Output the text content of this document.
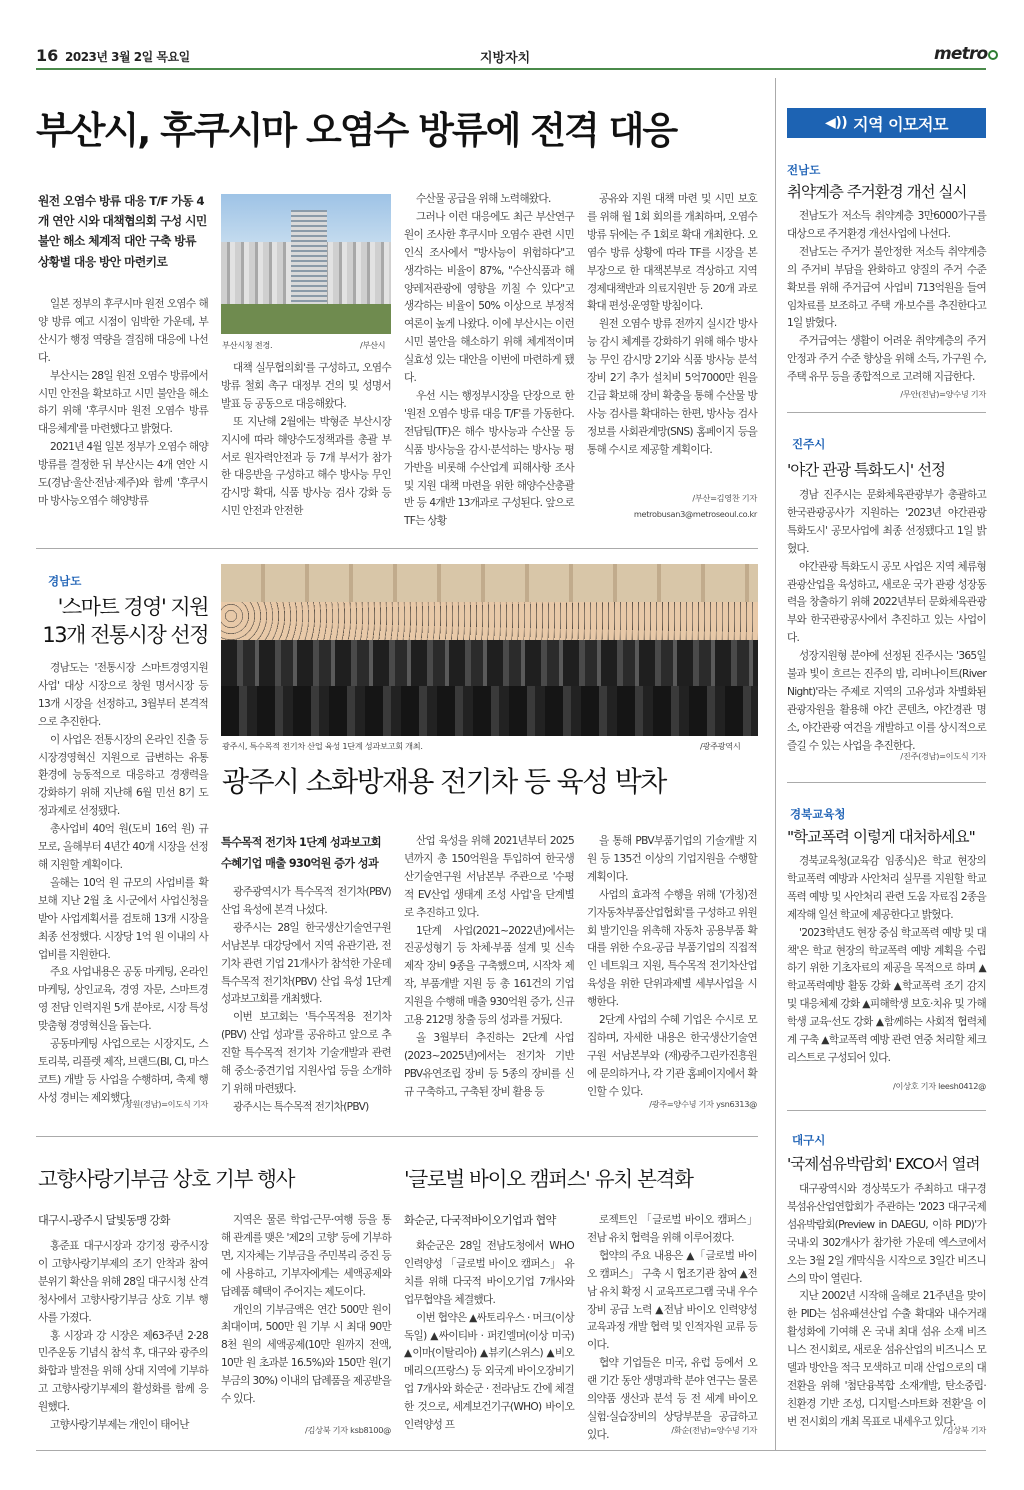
16 2023년 3월 2일 목요일	지방자치	metro
부산시, 후쿠시마 오염수 방류에 전격 대응
원전 오염수 방류 대응 T/F 가동 4개 연안 시와 대책협의회 구성 시민 불안 해소 체계적 대안 구축 방류 상황별 대응 방안 마련키로

일본 정부의 후쿠시마 원전 오염수 해양 방류 예고 시점이 임박한 가운데, 부산시가 행정 역량을 결집해 대응에 나선다.

부산시는 28일 원전 오염수 방류에서 시민 안전을 확보하고 시민 불안을 해소하기 위해 '후쿠시마 원전 오염수 방류 대응체계'를 마련했다고 밝혔다.

2021년 4월 일본 정부가 오염수 해양 방류를 결정한 뒤 부산시는 4개 연안 시도(경남·울산·전남·제주)와 함께 '후쿠시마 방사능오염수 해양방류

부산시청 전경.	/부산시

대책 실무협의회'를 구성하고, 오염수 방류 철회 촉구 대정부 건의 및 성명서 발표 등 공동으로 대응해왔다.

또 지난해 2월에는 박형준 부산시장 지시에 따라 해양수도정책과를 총괄 부서로 원자력안전과 등 7개 부서가 참가한 대응반을 구성하고 해수 방사능 무인 감시망 확대, 식품 방사능 검사 강화 등 시민 안전과 안전한

수산물 공급을 위해 노력해왔다.

그러나 이런 대응에도 최근 부산연구원이 조사한 후쿠시마 오염수 관련 시민 인식 조사에서 "방사능이 위험하다"고 생각하는 비율이 87%, "수산식품과 해양레저관광에 영향을 끼칠 수 있다"고 생각하는 비율이 50% 이상으로 부정적 여론이 높게 나왔다. 이에 부산시는 이런 시민 불안을 해소하기 위해 체계적이며 실효성 있는 대안을 이번에 마련하게 됐다.

우선 시는 행정부시장을 단장으로 한 '원전 오염수 방류 대응 T/F'를 가동한다. 전담팀(TF)은 해수 방사능과 수산물 등 식품 방사능을 감시·분석하는 방사능 평가반을 비롯해 수산업계 피해사항 조사 및 지원 대책 마련을 위한 해양수산총괄반 등 4개반 13개과로 구성된다. 앞으로 TF는 상황

공유와 지원 대책 마련 및 시민 보호를 위해 월 1회 회의를 개최하며, 오염수 방류 뒤에는 주 1회로 확대 개최한다. 오염수 방류 상황에 따라 TF를 시장을 본부장으로 한 대책본부로 격상하고 지역경제대책반과 의료지원반 등 20개 과로 확대 편성·운영할 방침이다.

원전 오염수 방류 전까지 실시간 방사능 감시 체계를 강화하기 위해 해수 방사능 무인 감시망 2기와 식품 방사능 분석 장비 2기 추가 설치비 5억7000만 원을 긴급 확보해 장비 확충을 통해 수산물 방사능 검사를 확대하는 한편, 방사능 검사 정보를 사회관계망(SNS) 홈페이지 등을 통해 수시로 제공할 계획이다.

/부산=김영찬 기자
metrobusan3@metroseoul.co.kr
경남도
'스마트 경영' 지원
13개 전통시장 선정

경남도는 '전통시장 스마트경영지원사업' 대상 시장으로 창원 명서시장 등 13개 시장을 선정하고, 3월부터 본격적으로 추진한다.

이 사업은 전통시장의 온라인 진출 등 시장경영혁신 지원으로 급변하는 유통 환경에 능동적으로 대응하고 경쟁력을 강화하기 위해 지난해 6월 민선 8기 도정과제로 선정됐다.

총사업비 40억 원(도비 16억 원) 규모로, 올해부터 4년간 40개 시장을 선정해 지원할 계획이다.

올해는 10억 원 규모의 사업비를 확보해 지난 2월 초 시·군에서 사업신청을 받아 사업계획서를 검토해 13개 시장을 최종 선정했다. 시장당 1억 원 이내의 사업비를 지원한다.

주요 사업내용은 공동 마케팅, 온라인 마케팅, 상인교육, 경영 자문, 스마트경영 전담 인력지원 5개 분야로, 시장 특성 맞춤형 경영혁신을 돕는다.

공동마케팅 사업으로는 시장지도, 스토리북, 리플렛 제작, 브랜드(BI, CI, 마스코트) 개발 등 사업을 수행하며, 축제 행사성 경비는 제외했다.

/창원(경남)=이도식 기자
광주시, 특수목적 전기차 산업 육성 1단계 성과보고회 개최.	/광주광역시
광주시 소화방재용 전기차 등 육성 박차
특수목적 전기차 1단계 성과보고회 수혜기업 매출 930억원 증가 성과

광주광역시가 특수목적 전기차(PBV) 산업 육성에 본격 나섰다.

광주시는 28일 한국생산기술연구원 서남본부 대강당에서 지역 유관기관, 전기차 관련 기업 21개사가 참석한 가운데 특수목적 전기차(PBV) 산업 육성 1단계 성과보고회를 개최했다.

이번 보고회는 '특수목적용 전기차(PBV) 산업 성과'를 공유하고 앞으로 추진할 특수목적 전기차 기술개발과 관련해 중소·중견기업 지원사업 등을 소개하기 위해 마련됐다.

광주시는 특수목적 전기차(PBV)

산업 육성을 위해 2021년부터 2025년까지 총 150억원을 투입하여 한국생산기술연구원 서남본부 주관으로 '수평적 EV산업 생태계 조성 사업'을 단계별로 추진하고 있다.

1단계 사업(2021~2022년)에서는 진공성형기 등 차체·부품 설계 및 신속 제작 장비 9종을 구축했으며, 시작차 제작, 부품개발 지원 등 총 161건의 기업지원을 수행해 매출 930억원 증가, 신규 고용 212명 창출 등의 성과를 거뒀다.

올 3월부터 추진하는 2단계 사업(2023~2025년)에서는 전기차 기반 PBV유연조립 장비 등 5종의 장비를 신규 구축하고, 구축된 장비 활용 등

을 통해 PBV부품기업의 기술개발 지원 등 135건 이상의 기업지원을 수행할 계획이다.

사업의 효과적 수행을 위해 '(가칭)전기자동차부품산업협회'를 구성하고 위원회 발기인을 위촉해 자동차 공용부품 확대를 위한 수요-공급 부품기업의 직접적인 네트워크 지원, 특수목적 전기차산업 육성을 위한 단위과제별 세부사업을 시행한다.

2단계 사업의 수혜 기업은 수시로 모집하며, 자세한 내용은 한국생산기술연구원 서남본부와 (재)광주그린카진흥원에 문의하거나, 각 기관 홈페이지에서 확인할 수 있다.

/광주=양수녕 기자 ysn6313@
고향사랑기부금 상호 기부 행사
대구시-광주시 달빛동맹 강화

홍준표 대구시장과 강기정 광주시장이 고향사랑기부제의 조기 안착과 참여 분위기 확산을 위해 28일 대구시청 산격청사에서 고향사랑기부금 상호 기부 행사를 가졌다.

홍 시장과 강 시장은 제63주년 2·28민주운동 기념식 참석 후, 대구와 광주의 화합과 발전을 위해 상대 지역에 기부하고 고향사랑기부제의 활성화를 함께 응원했다.

고향사랑기부제는 개인이 태어난

지역은 물론 학업·근무·여행 등을 통해 관계를 맺은 '제2의 고향' 등에 기부하면, 지자체는 기부금을 주민복리 증진 등에 사용하고, 기부자에게는 세액공제와 답례품 혜택이 주어지는 제도이다.

개인의 기부금액은 연간 500만 원이 최대이며, 500만 원 기부 시 최대 90만 8천 원의 세액공제(10만 원까지 전액, 10만 원 초과분 16.5%)와 150만 원(기부금의 30%) 이내의 답례품을 제공받을 수 있다.

/김상북 기자 ksb8100@
'글로벌 바이오 캠퍼스' 유치 본격화
화순군, 다국적바이오기업과 협약

화순군은 28일 전남도청에서 WHO인력양성 「글로벌 바이오 캠퍼스」 유치를 위해 다국적 바이오기업 7개사와 업무협약을 체결했다.

이번 협약은 ▲싸토리우스 · 머크(이상 독일) ▲싸이티바 · 퍼킨엘머(이상 미국) ▲이마(이탈리아) ▲뷰키(스위스) ▲비오메리으(프랑스) 등 외국계 바이오장비기업 7개사와 화순군 · 전라남도 간에 체결한 것으로, 세계보건기구(WHO) 바이오 인력양성 프

로젝트인 「글로벌 바이오 캠퍼스」 전남 유치 협력을 위해 이루어졌다.

협약의 주요 내용은 ▲「글로벌 바이오 캠퍼스」 구축 시 협조기관 참여 ▲전남 유치 확정 시 교육프로그램 국내 우수 장비 공급 노력 ▲전남 바이오 인력양성 교육과정 개발 협력 및 인적자원 교류 등이다.

협약 기업들은 미국, 유럽 등에서 오랜 기간 동안 생명과학 분야 연구는 물론 의약품 생산과 분석 등 전 세계 바이오 실험·실습장비의 상당부분을 공급하고 있다.	/화순(전남)=양수녕 기자
◀)) 지역 이모저모
전남도
취약계층 주거환경 개선 실시

전남도가 저소득 취약계층 3만6000가구를 대상으로 주거환경 개선사업에 나선다.

전남도는 주거가 불안정한 저소득 취약계층의 주거비 부담을 완화하고 양질의 주거 수준 확보를 위해 주거급여 사업비 713억원을 들여 임차료를 보조하고 주택 개·보수를 추진한다고 1일 밝혔다.

주거급여는 생활이 어려운 취약계층의 주거 안정과 주거 수준 향상을 위해 소득, 가구원 수, 주택 유무 등을 종합적으로 고려해 지급한다.

/무안(전남)=양수녕 기자
진주시
'야간 관광 특화도시' 선정

경남 진주시는 문화체육관광부가 총괄하고 한국관광공사가 지원하는 '2023년 야간관광 특화도시' 공모사업에 최종 선정됐다고 1일 밝혔다.

야간관광 특화도시 공모 사업은 지역 체류형 관광산업을 육성하고, 새로운 국가 관광 성장동력을 창출하기 위해 2022년부터 문화체육관광부와 한국관광공사에서 추진하고 있는 사업이다.

성장지원형 분야에 선정된 진주시는 '365일 불과 빛이 흐르는 진주의 밤, 리버나이트(River Night)'라는 주제로 지역의 고유성과 차별화된 관광자원을 활용해 야간 콘텐츠, 야간경관 명소, 야간관광 여건을 개발하고 이를 상시적으로 즐길 수 있는 사업을 추진한다.

/진주(경남)=이도식 기자
경북교육청
"학교폭력 이렇게 대처하세요"

경북교육청(교육감 임종식)은 학교 현장의 학교폭력 예방과 사안처리 실무를 지원할 학교폭력 예방 및 사안처리 관련 도움 자료집 2종을 제작해 일선 학교에 제공한다고 밝혔다.

'2023학년도 현장 중심 학교폭력 예방 및 대책'은 학교 현장의 학교폭력 예방 계획을 수립하기 위한 기초자료의 제공을 목적으로 하며 ▲학교폭력예방 활동 강화 ▲학교폭력 조기 감지 및 대응체제 강화 ▲피해학생 보호·치유 및 가해학생 교육·선도 강화 ▲함께하는 사회적 협력체계 구축 ▲학교폭력 예방 관련 연중 처리할 체크리스트로 구성되어 있다.

/이상호 기자 leesh0412@
대구시
'국제섬유박람회' EXCO서 열려

대구광역시와 경상북도가 주최하고 대구경북섬유산업연합회가 주관하는 '2023 대구국제섬유박람회(Preview in DAEGU, 이하 PID)'가 국내·외 302개사가 참가한 가운데 엑스코에서 오는 3월 2일 개막식을 시작으로 3일간 비즈니스의 막이 열린다.

지난 2002년 시작해 올해로 21주년을 맞이한 PID는 섬유패션산업 수출 확대와 내수거래 활성화에 기여해 온 국내 최대 섬유 소재 비즈니스 전시회로, 새로운 섬유산업의 비즈니스 모델과 방안을 적극 모색하고 미래 산업으로의 대전환을 위해 '첨단융복합 소재개발, 탄소중립·친환경 기반 조성, 디지털·스마트화 전환'을 이번 전시회의 개최 목표로 내세우고 있다.

/김상북 기자
